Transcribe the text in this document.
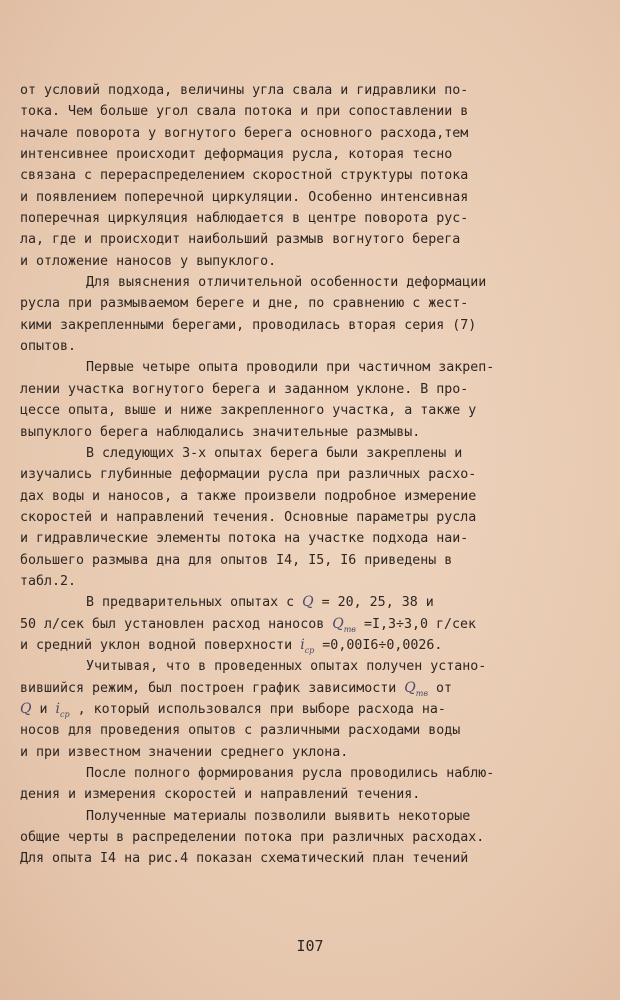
от условий подхода, величины угла свала и гидравлики по-
тока. Чем больше угол свала потока и при сопоставлении в
начале поворота у вогнутого берега основного расхода,тем
интенсивнее происходит деформация русла, которая тесно
связана с перераспределением скоростной структуры потока
и появлением поперечной циркуляции. Особенно интенсивная
поперечная циркуляция наблюдается в центре поворота рус-
ла, где и происходит наибольший размыв вогнутого берега
и отложение наносов у выпуклого.
Для выяснения отличительной особенности деформации
русла при размываемом береге и дне, по сравнению с жест-
кими закрепленными берегами, проводилась вторая серия (7)
опытов.
Первые четыре опыта проводили при частичном закреп-
лении участка вогнутого берега и заданном уклоне. В про-
цессе опыта, выше и ниже закрепленного участка, а также у
выпуклого берега наблюдались значительные размывы.
В следующих 3-х опытах берега были закреплены и
изучались глубинные деформации русла при различных расхо-
дах воды и наносов, а также произвели подробное измерение
скоростей и направлений течения. Основные параметры русла
и гидравлические элементы потока на участке подхода наи-
большего размыва дна для опытов I4, I5, I6 приведены в
табл.2.
В предварительных опытах с Q = 20, 25, 38 и
50 л/сек был установлен расход наносов $Q_{тв} =I,3\div 3,0$ г/сек
и средний уклон водной поверхности $i_{ср} =0,00I6\div 0,0026$.
Учитывая, что в проведенных опытах получен устано-
вившийся режим, был построен график зависимости $Q_{тв}$ от
Q и $i_{ср}$ , который использовался при выборе расхода на-
носов для проведения опытов с различными расходами воды
и при известном значении среднего уклона.
После полного формирования русла проводились наблю-
дения и измерения скоростей и направлений течения.
Полученные материалы позволили выявить некоторые
общие черты в распределении потока при различных расходах.
Для опыта I4 на рис.4 показан схематический план течений
I07
